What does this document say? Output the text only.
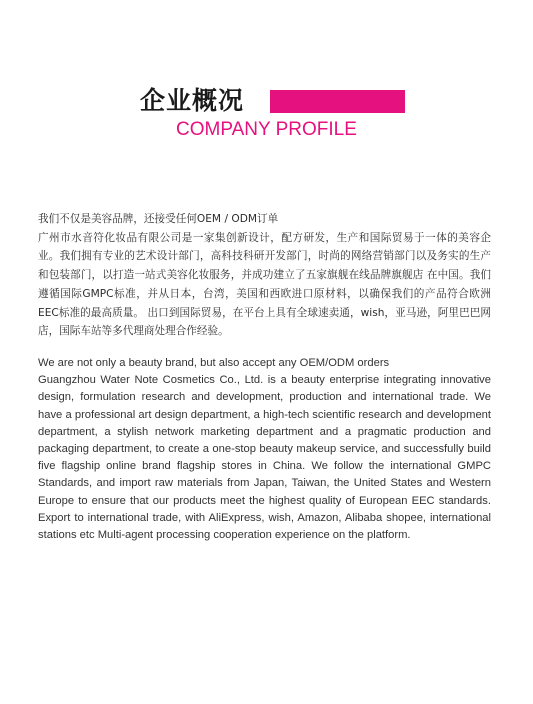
企业概况
COMPANY PROFILE

我们不仅是美容品牌，还接受任何OEM / ODM订单

广州市水音符化妆品有限公司是一家集创新设计，配方研发，生产和国际贸易于一体的美容企业。我们拥有专业的艺术设计部门，高科技科研开发部门，时尚的网络营销部门以及务实的生产和包装部门，以打造一站式美容化妆服务，并成功建立了五家旗舰在线品牌旗舰店 在中国。我们遵循国际GMPC标准，并从日本，台湾，美国和西欧进口原材料，以确保我们的产品符合欧洲EEC标准的最高质量。 出口到国际贸易，在平台上具有全球速卖通，wish，亚马逊，阿里巴巴网店，国际车站等多代理商处理合作经验。

We are not only a beauty brand, but also accept any OEM/ODM orders

Guangzhou Water Note Cosmetics Co., Ltd. is a beauty enterprise integrating innovative design, formulation research and development, production and international trade. We have a professional art design department, a high-tech scientific research and development department, a stylish network marketing department and a pragmatic production and packaging department, to create a one-stop beauty makeup service, and successfully build five flagship online brand flagship stores in China. We follow the international GMPC Standards, and import raw materials from Japan, Taiwan, the United States and Western Europe to ensure that our products meet the highest quality of European EEC standards. Export to international trade, with AliExpress, wish, Amazon, Alibaba shopee, international stations etc Multi-agent processing cooperation experience on the platform.
